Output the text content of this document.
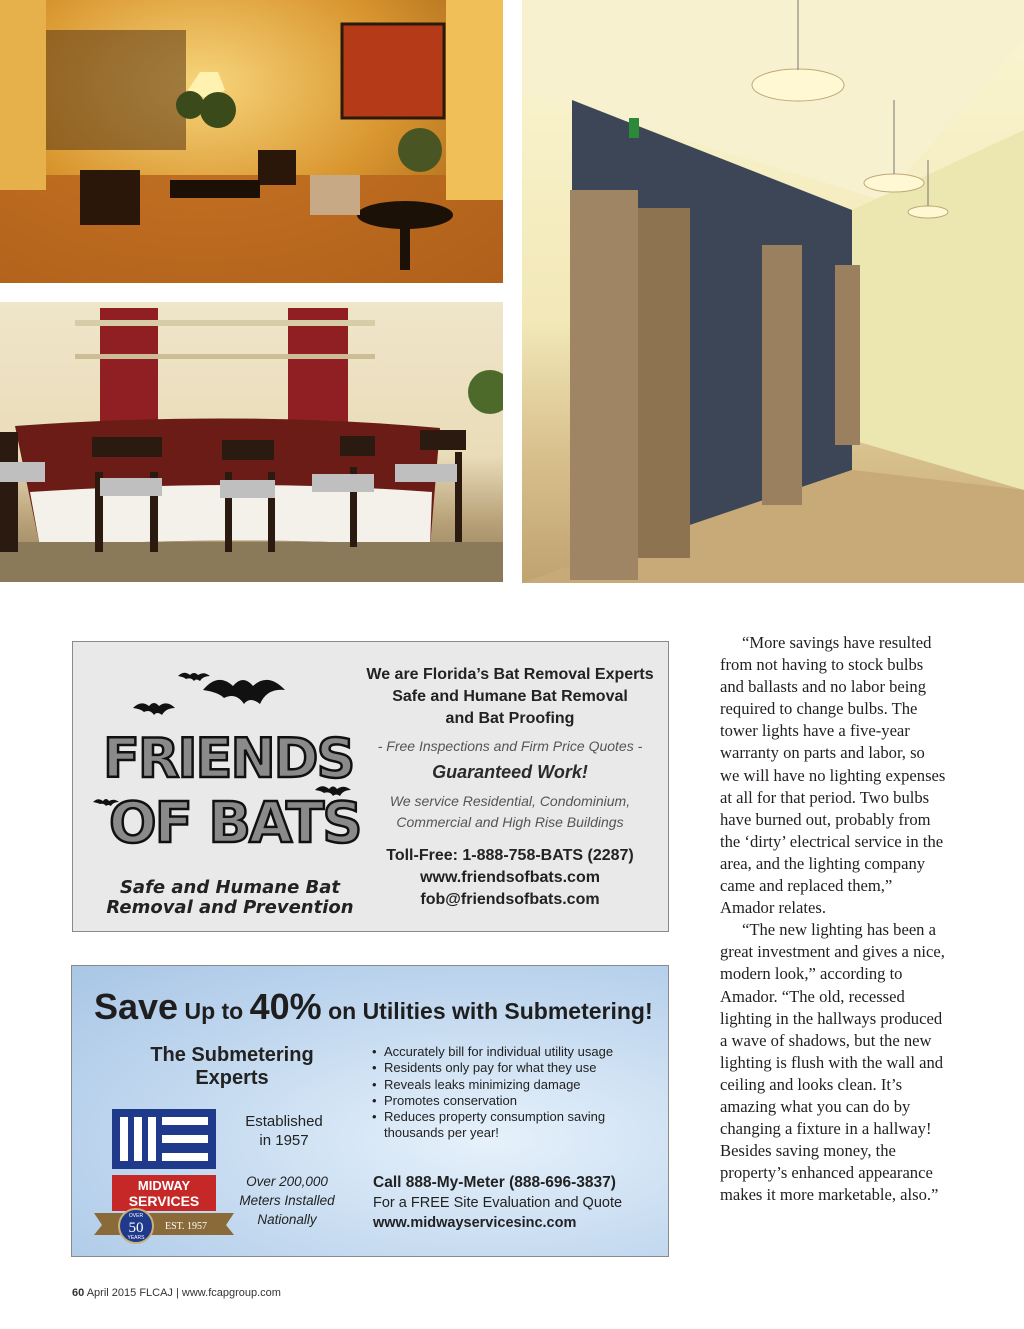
FRIENDS
OF BATS
Safe and Humane Bat
Removal and Prevention
We are Florida’s Bat Removal Experts
Safe and Humane Bat Removal
and Bat Proofing
- Free Inspections and Firm Price Quotes -
Guaranteed Work!
We service Residential, Condominium,
Commercial and High Rise Buildings
Toll-Free: 1-888-758-BATS (2287)
www.friendsofbats.com
fob@friendsofbats.com
Save Up to 40% on Utilities with Submetering!
The Submetering
Experts
MIDWAY
SERVICES
EST. 1957
OVER
50
YEARS
Established
in 1957
Over 200,000
Meters Installed
Nationally
• Accurately bill for individual utility usage
• Residents only pay for what they use
• Reveals leaks minimizing damage
• Promotes conservation
• Reduces property consumption saving
thousands per year!
Call 888-My-Meter (888-696-3837)
For a FREE Site Evaluation and Quote
www.midwayservicesinc.com

“More savings have resulted from not having to stock bulbs and ballasts and no labor being required to change bulbs. The tower lights have a five-year warranty on parts and labor, so we will have no lighting expenses at all for that period. Two bulbs have burned out, probably from the ‘dirty’ electrical service in the area, and the lighting company came and replaced them,” Amador relates.

“The new lighting has been a great investment and gives a nice, modern look,” according to Amador. “The old, recessed lighting in the hallways produced a wave of shadows, but the new lighting is flush with the wall and ceiling and looks clean. It’s amazing what you can do by changing a fixture in a hallway! Besides saving money, the property’s enhanced appearance makes it more marketable, also.”

60 April 2015 FLCAJ | www.fcapgroup.com
